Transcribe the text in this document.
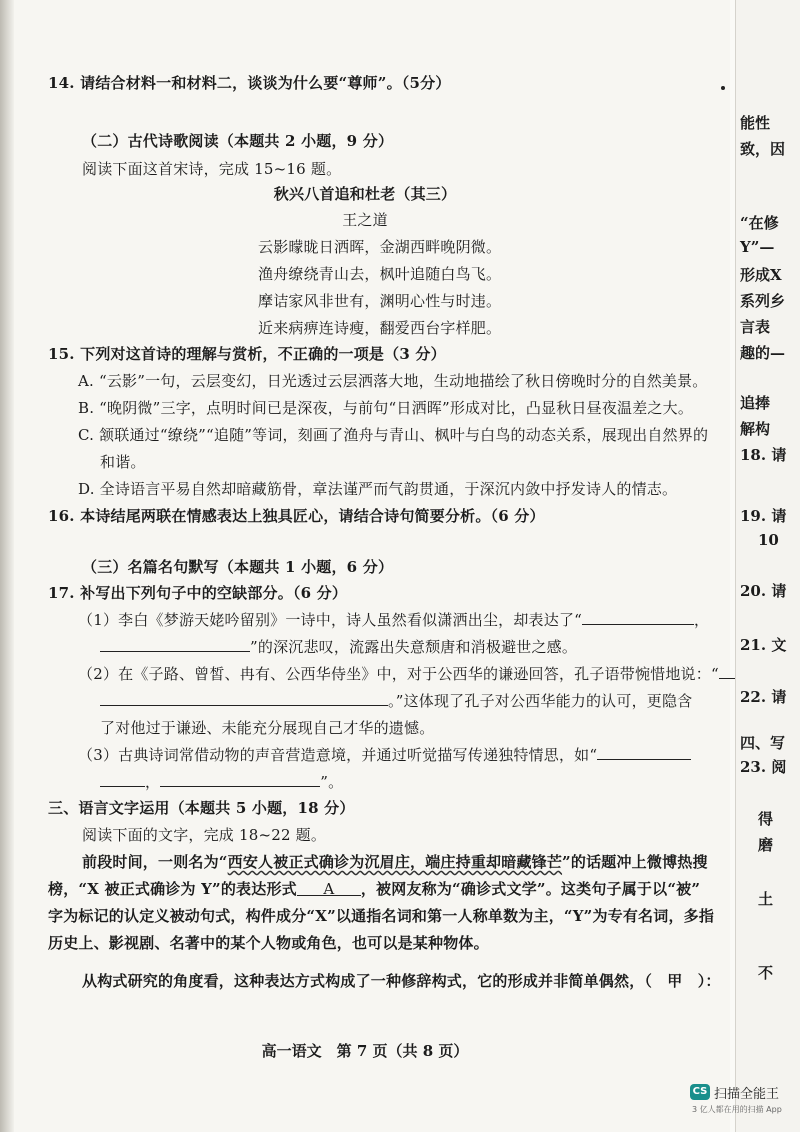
14. 请结合材料一和材料二，谈谈为什么要“尊师”。（5分）
（二）古代诗歌阅读（本题共 2 小题，9 分）
阅读下面这首宋诗，完成 15~16 题。
秋兴八首追和杜老（其三）
王之道
云影曚昽日洒晖，金湖西畔晚阴微。
渔舟缭绕青山去，枫叶追随白鸟飞。
摩诘家风非世有，渊明心性与时违。
近来病痹连诗瘦，翻爱西台字样肥。
15. 下列对这首诗的理解与赏析，不正确的一项是（3 分）
A. “云影”一句，云层变幻，日光透过云层洒落大地，生动地描绘了秋日傍晚时分的自然美景。
B. “晚阴微”三字，点明时间已是深夜，与前句“日洒晖”形成对比，凸显秋日昼夜温差之大。
C. 颔联通过“缭绕”“追随”等词，刻画了渔舟与青山、枫叶与白鸟的动态关系，展现出自然界的
和谐。
D. 全诗语言平易自然却暗藏筋骨，章法谨严而气韵贯通，于深沉内敛中抒发诗人的情志。
16. 本诗结尾两联在情感表达上独具匠心，请结合诗句简要分析。（6 分）
（三）名篇名句默写（本题共 1 小题，6 分）
17. 补写出下列句子中的空缺部分。（6 分）
（1）李白《梦游天姥吟留别》一诗中，诗人虽然看似潇洒出尘，却表达了“	，
”的深沉悲叹，流露出失意颓唐和消极避世之感。
（2）在《子路、曾皙、冉有、公西华侍坐》中，对于公西华的谦逊回答，孔子语带惋惜地说：“
。”这体现了孔子对公西华能力的认可，更隐含
了对他过于谦逊、未能充分展现自己才华的遗憾。
（3）古典诗词常借动物的声音营造意境，并通过听觉描写传递独特情思，如“
，	”。
三、语言文字运用（本题共 5 小题，18 分）
阅读下面的文字，完成 18~22 题。
前段时间，一则名为“西安人被正式确诊为沉眉庄，端庄持重却暗藏锋芒”的话题冲上微博热搜
榜，“X 被正式确诊为 Y”的表达形式 A ，被网友称为“确诊式文学”。这类句子属于以“被”
字为标记的认定义被动句式，构件成分“X”以通指名词和第一人称单数为主，“Y”为专有名词，多指
历史上、影视剧、名著中的某个人物或角色，也可以是某种物体。
从构式研究的角度看，这种表达方式构成了一种修辞构式，它的形成并非简单偶然，（　甲　）：
高一语文　第 7 页（共 8 页）
能性
致，因
“在修
Y”—
形成X
系列乡
言表
趣的—
追捧
解构
18. 请
19. 请
10
20. 请
21. 文
22. 请
四、写
23. 阅
得
磨
土
不
CS 扫描全能王
3 亿人都在用的扫描 App
